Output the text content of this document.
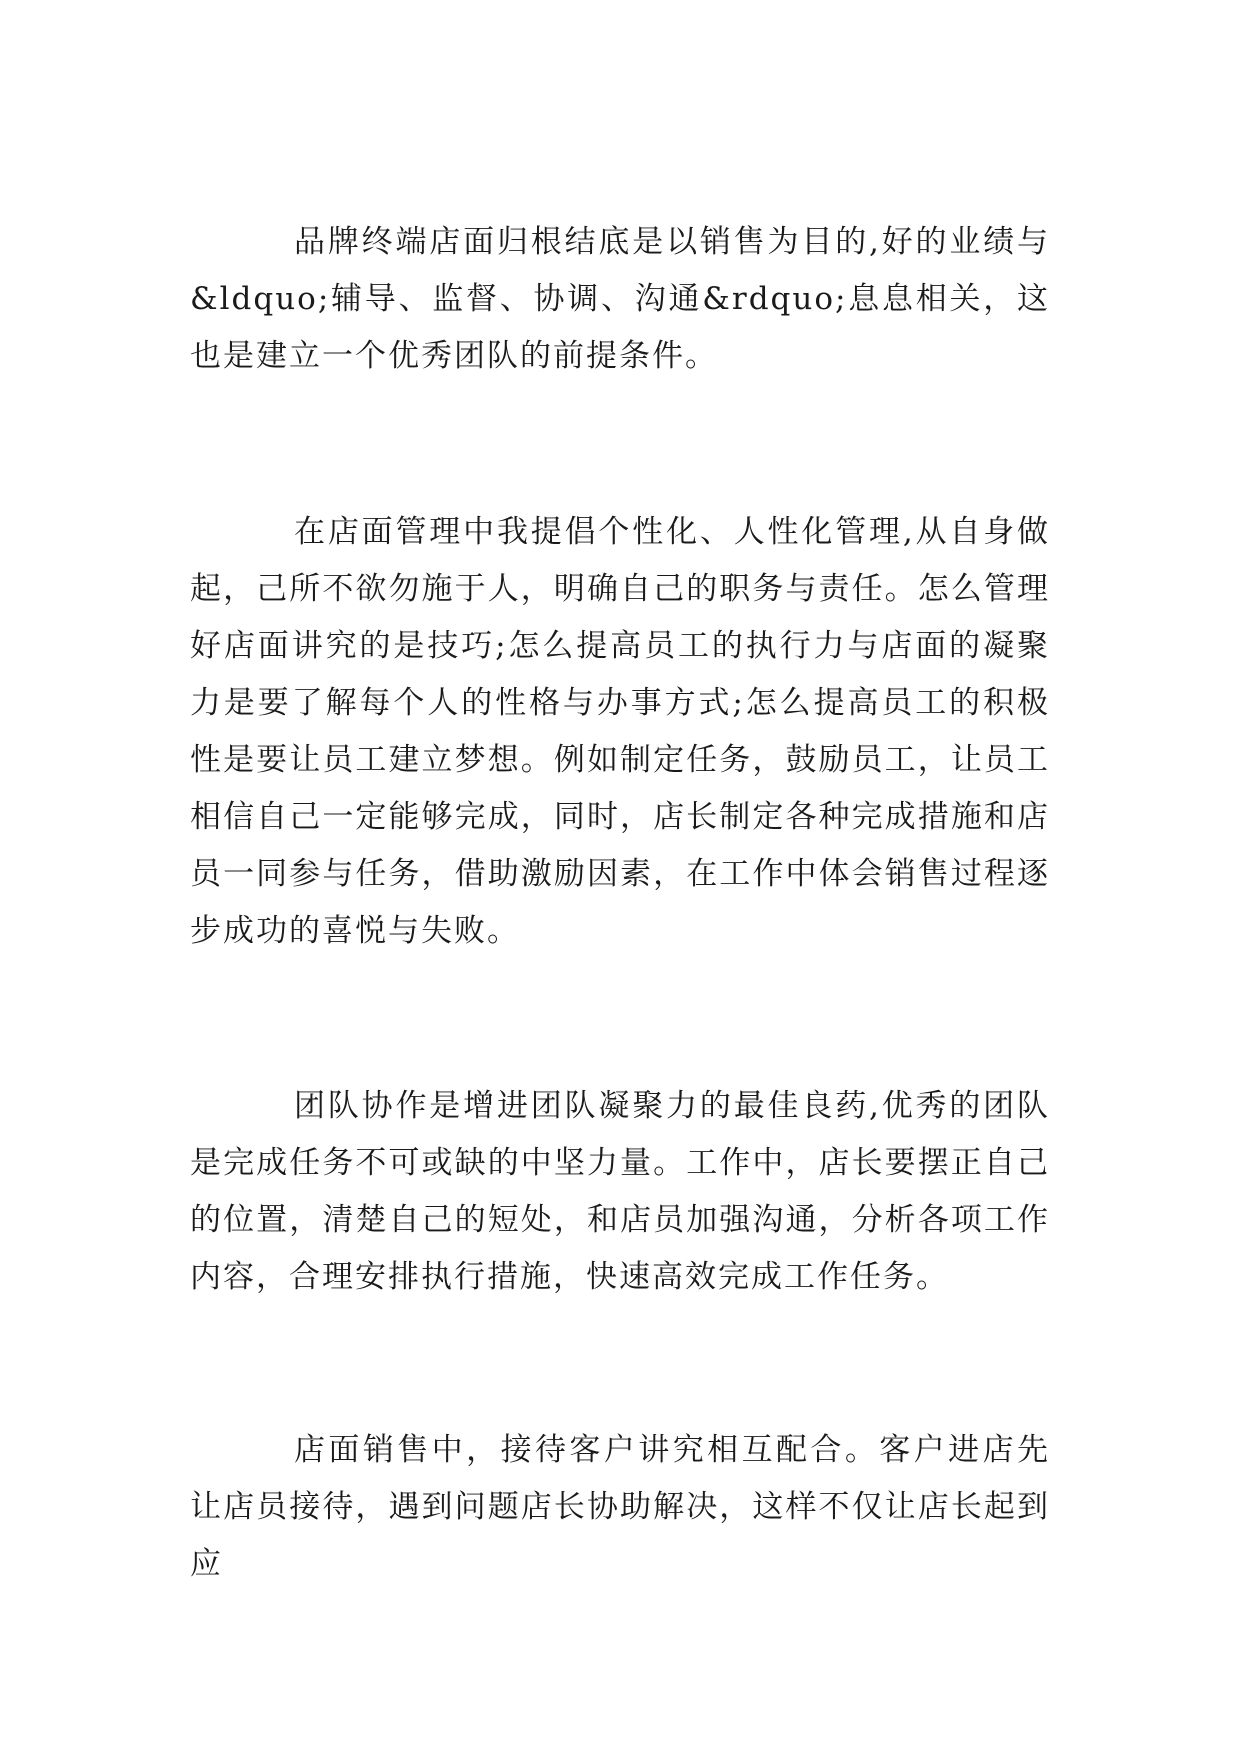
品牌终端店面归根结底是以销售为目的,好的业绩与&ldquo;辅导、监督、协调、沟通&rdquo;息息相关，这也是建立一个优秀团队的前提条件。

在店面管理中我提倡个性化、人性化管理,从自身做起，己所不欲勿施于人，明确自己的职务与责任。怎么管理好店面讲究的是技巧;怎么提高员工的执行力与店面的凝聚力是要了解每个人的性格与办事方式;怎么提高员工的积极性是要让员工建立梦想。例如制定任务，鼓励员工，让员工相信自己一定能够完成，同时，店长制定各种完成措施和店员一同参与任务，借助激励因素，在工作中体会销售过程逐步成功的喜悦与失败。

团队协作是增进团队凝聚力的最佳良药,优秀的团队是完成任务不可或缺的中坚力量。工作中，店长要摆正自己的位置，清楚自己的短处，和店员加强沟通，分析各项工作内容，合理安排执行措施，快速高效完成工作任务。

店面销售中，接待客户讲究相互配合。客户进店先让店员接待，遇到问题店长协助解决，这样不仅让店长起到应
